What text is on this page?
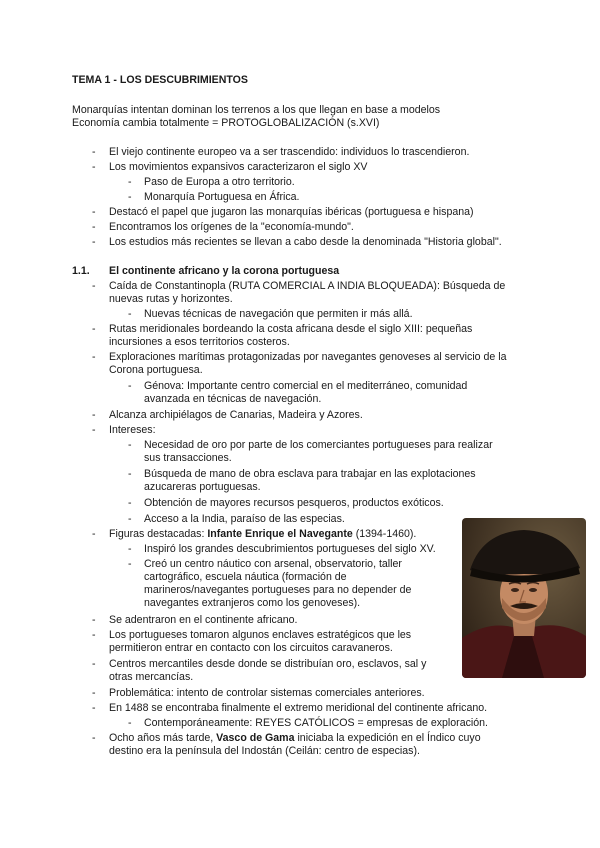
TEMA 1 - LOS DESCUBRIMIENTOS
Monarquías intentan dominan los terrenos a los que llegan en base a modelos
Economía cambia totalmente = PROTOGLOBALIZACIÓN (s.XVI)
- El viejo continente europeo va a ser trascendido: individuos lo trascendieron.
- Los movimientos expansivos caracterizaron el siglo XV
- Paso de Europa a otro territorio.
- Monarquía Portuguesa en África.
- Destacó el papel que jugaron las monarquías ibéricas (portuguesa e hispana)
- Encontramos los orígenes de la "economía-mundo".
- Los estudios más recientes se llevan a cabo desde la denominada "Historia global".
1.1. El continente africano y la corona portuguesa
- Caída de Constantinopla (RUTA COMERCIAL A INDIA BLOQUEADA): Búsqueda de
nuevas rutas y horizontes.
- Nuevas técnicas de navegación que permiten ir más allá.
- Rutas meridionales bordeando la costa africana desde el siglo XIII: pequeñas
incursiones a esos territorios costeros.
- Exploraciones marítimas protagonizadas por navegantes genoveses al servicio de la
Corona portuguesa.
- Génova: Importante centro comercial en el mediterráneo, comunidad
avanzada en técnicas de navegación.
- Alcanza archipiélagos de Canarias, Madeira y Azores.
- Intereses:
- Necesidad de oro por parte de los comerciantes portugueses para realizar
sus transacciones.
- Búsqueda de mano de obra esclava para trabajar en las explotaciones
azucareras portuguesas.
- Obtención de mayores recursos pesqueros, productos exóticos.
- Acceso a la India, paraíso de las especias.
- Figuras destacadas: Infante Enrique el Navegante (1394-1460).
- Inspiró los grandes descubrimientos portugueses del siglo XV.
- Creó un centro náutico con arsenal, observatorio, taller
cartográfico, escuela náutica (formación de
marineros/navegantes portugueses para no depender de
navegantes extranjeros como los genoveses).
- Se adentraron en el continente africano.
- Los portugueses tomaron algunos enclaves estratégicos que les
permitieron entrar en contacto con los circuitos caravaneros.
- Centros mercantiles desde donde se distribuían oro, esclavos, sal y
otras mercancías.
- Problemática: intento de controlar sistemas comerciales anteriores.
- En 1488 se encontraba finalmente el extremo meridional del continente africano.
- Contemporáneamente: REYES CATÓLICOS = empresas de exploración.
- Ocho años más tarde, Vasco de Gama iniciaba la expedición en el Índico cuyo
destino era la península del Indostán (Ceilán: centro de especias).
